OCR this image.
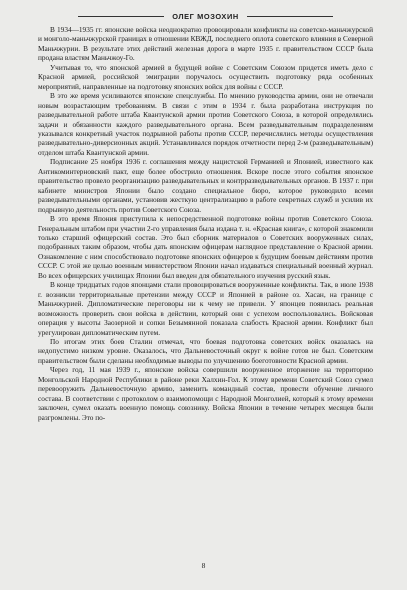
ОЛЕГ МОЗОХИН

В 1934—1935 гг. японские войска неоднократно провоцировали конфликты на советско-маньчжурской и монголо-маньчжурской границах в отношении КВЖД, последнего оплота советского влияния в Северной Маньчжурии. В результате этих действий железная дорога в марте 1935 г. правительством СССР была продана властям Маньчжоу-Го.

Учитывая то, что японской армией в будущей войне с Советским Союзом придется иметь дело с Красной армией, российской эмиграции поручалось осуществить подготовку ряда особенных мероприятий, направленные на подготовку японских войск для войны с СССР.

В это же время усиливаются японские спецслужбы. По мнению руководства армии, они не отвечали новым возрастающим требованиям. В связи с этим в 1934 г. была разработана инструкция по разведывательной работе штаба Квантунской армии против Советского Союза, в которой определялись задачи и обязанности каждого разведывательного органа. Всем разведывательным подразделениям указывался конкретный участок подрывной работы против СССР, перечислялись методы осуществления разведывательно-диверсионных акций. Устанавливался порядок отчетности перед 2-м (разведывательным) отделом штаба Квантунской армии.

Подписание 25 ноября 1936 г. соглашения между нацистской Германией и Японией, известного как Антикоминтерновский пакт, еще более обострило отношения. Вскоре после этого события японское правительство провело реорганизацию разведывательных и контрразведывательных органов. В 1937 г. при кабинете министров Японии было создано специальное бюро, которое руководило всеми разведывательными органами, установив жесткую централизацию в работе секретных служб и усилив их подрывную деятельность против Советского Союза.

В это время Япония приступила к непосредственной подготовке войны против Советского Союза. Генеральным штабом при участии 2-го управления была издана т. н. «Красная книга», с которой знакомили только старший офицерский состав. Это был сборник материалов о Советских вооруженных силах, подобранных таким образом, чтобы дать японским офицерам наглядное представление о Красной армии. Ознакомление с ним способствовало подготовке японских офицеров к будущим боевым действиям против СССР. С этой же целью военным министерством Японии начал издаваться специальный военный журнал. Во всех офицерских училищах Японии был введен для обязательного изучения русский язык.

В конце тридцатых годов японцами стали провоцироваться вооруженные конфликты. Так, в июле 1938 г. возникли территориальные претензии между СССР и Японией в районе оз. Хасан, на границе с Маньчжурией. Дипломатические переговоры ни к чему не привели. У японцев появилась реальная возможность проверить свои войска в действии, который они с успехом воспользовались. Войсковая операция у высоты Заозерной и сопки Безымянной показала слабость Красной армии. Конфликт был урегулирован дипломатическим путем.

По итогам этих боев Сталин отмечал, что боевая подготовка советских войск оказалась на недопустимо низком уровне. Оказалось, что Дальневосточный округ к войне готов не был. Советским правительством были сделаны необходимые выводы по улучшению боеготовности Красной армии.

Через год, 11 мая 1939 г., японские войска совершили вооруженное вторжение на территорию Монгольской Народной Республики в районе реки Халхин-Гол. К этому времени Советский Союз сумел перевооружить Дальневосточную армию, заменить командный состав, провести обучение личного состава. В соответствии с протоколом о взаимопомощи с Народной Монголией, который к этому времени заключен, сумел оказать военную помощь союзнику. Войска Японии в течение четырех месяцев были разгромлены. Это по-

8
